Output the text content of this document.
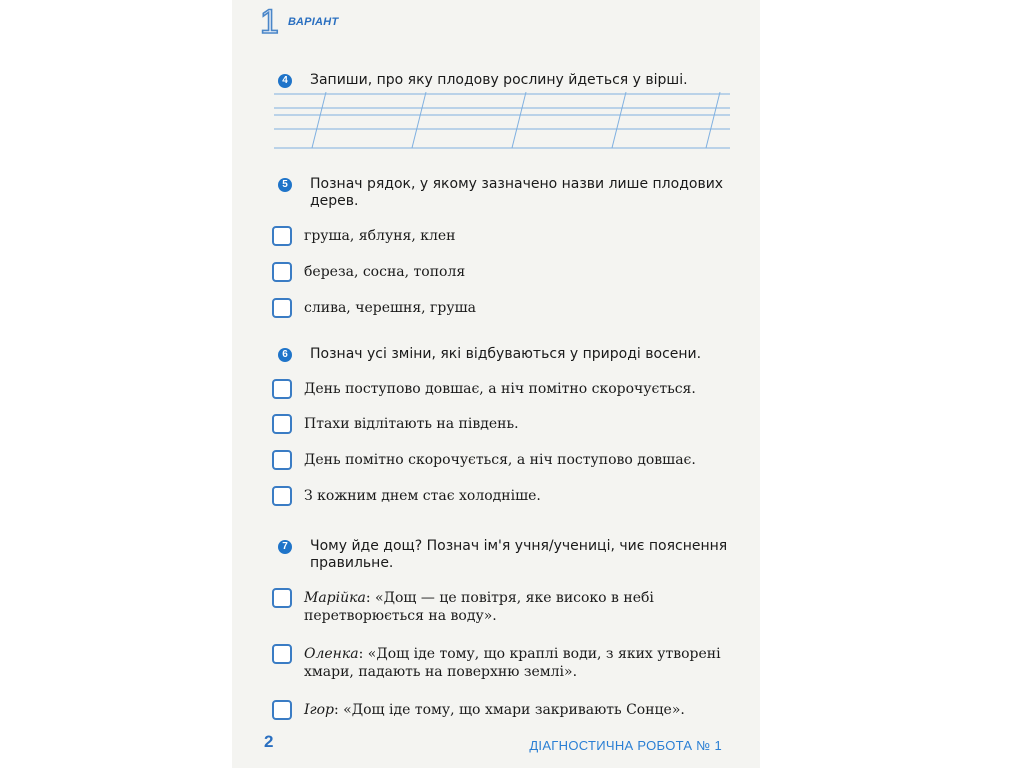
1 ВАРІАНТ
4	Запиши, про яку плодову рослину йдеться у вірші.
5	Познач рядок, у якому зазначено назви лише плодових дерев.
груша, яблуня, клен
береза, сосна, тополя
слива, черешня, груша
6	Познач усі зміни, які відбуваються у природі восени.
День поступово довшає, а ніч помітно скорочується.
Птахи відлітають на південь.
День помітно скорочується, а ніч поступово довшає.
З кожним днем стає холодніше.
7	Чому йде дощ? Познач ім'я учня/учениці, чиє пояснення правильне.
Марійка: «Дощ — це повітря, яке високо в небі перетворюється на воду».
Оленка: «Дощ іде тому, що краплі води, з яких утворені хмари, падають на поверхню землі».
Ігор: «Дощ іде тому, що хмари закривають Сонце».
2	ДІАГНОСТИЧНА РОБОТА № 1
